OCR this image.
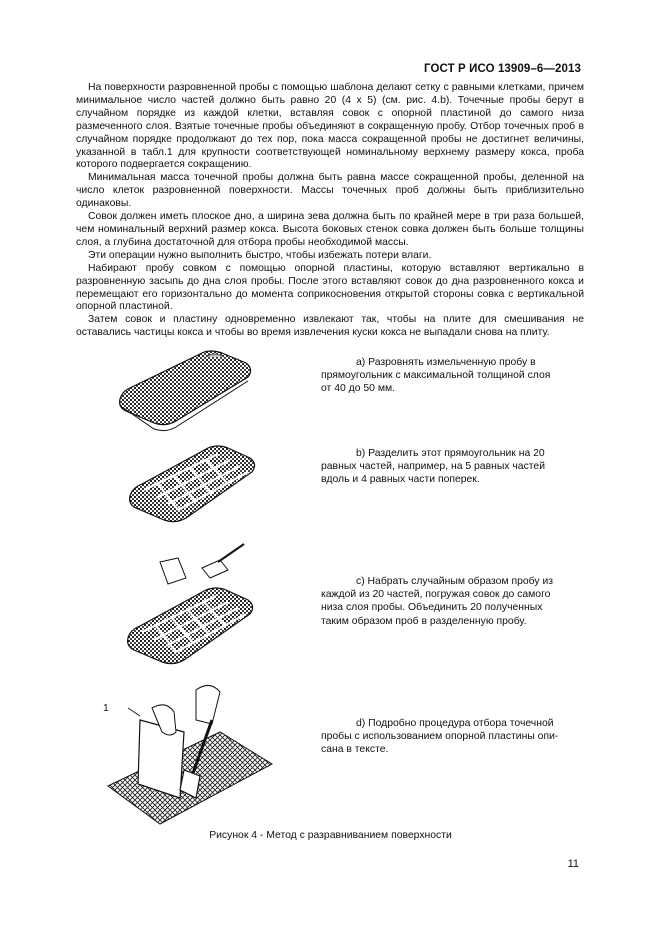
ГОСТ Р ИСО 13909–6—2013

На поверхности разровненной пробы с помощью шаблона делают сетку с равными клетками, причем минимальное число частей должно быть равно 20 (4 х 5) (см. рис. 4.b). Точечные пробы берут в случайном порядке из каждой клетки, вставляя совок с опорной пластиной до самого низа размеченного слоя. Взятые точечные пробы объединяют в сокращенную пробу. Отбор точечных проб в случайном порядке продолжают до тех пор, пока масса сокращенной пробы не достигнет величины, указанной в табл.1 для крупности соответствующей номинальному верхнему размеру кокса, проба которого подвергается сокращению.

Минимальная масса точечной пробы должна быть равна массе сокращенной пробы, деленной на число клеток разровненной поверхности. Массы точечных проб должны быть приблизительно одинаковы.

Совок должен иметь плоское дно, а ширина зева должна быть по крайней мере в три раза большей, чем номинальный верхний размер кокса. Высота боковых стенок совка должен быть больше толщины слоя, а глубина достаточной для отбора пробы необходимой массы.

Эти операции нужно выполнить быстро, чтобы избежать потери влаги.

Набирают пробу совком с помощью опорной пластины, которую вставляют вертикально в разровненную засыпь до дна слоя пробы. После этого вставляют совок до дна разровненного кокса и перемещают его горизонтально до момента соприкосновения открытой стороны совка с вертикальной опорной пластиной.

Затем совок и пластину одновременно извлекают так, чтобы на плите для смешивания не оставались частицы кокса и чтобы во время извлечения куски кокса не выпадали снова на плиту.

1
а) Разровнять измельченную пробу в
прямоугольник с максимальной толщиной слоя
от 40 до 50 мм.
b) Разделить этот прямоугольник на 20
равных частей, например, на 5 равных частей
вдоль и 4 равных части поперек.
c) Набрать случайным образом пробу из
каждой из 20 частей, погружая совок до самого
низа слоя пробы. Объединить 20 полученных
таким образом проб в разделенную пробу.
d) Подробно процедура отбора точечной
пробы с использованием опорной пластины опи-
сана в тексте.
Рисунок 4 - Метод с разравниванием поверхности
11
